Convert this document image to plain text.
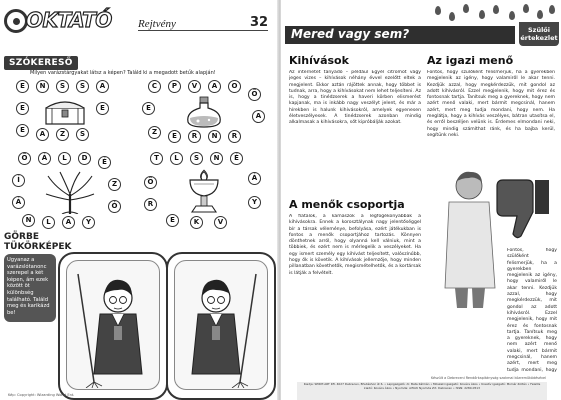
OKTATÓ Rejtvény	32
SZÓKERESŐ
Milyen varázstárgyakat látsz a képen? Találd ki a megadott betűk alapján!
E	N	S	S	A
E	E
E	A	Z	S
C	P	V	A	O
Ő
E
A
Z	E	R	N	R
Ő	Á	L	D	É
Í	Z
Á	Ó
N	L	A	Y
T	L	S	N	É
Ö	Á
R	Y
E	K	V
GÖRBE
TÜKÖRKÉPEK
Ugyanaz a varázslótanonc szerepel a két képen, ám ezek között öt különbség található. Találd meg és karikázd be!
Kép: Copyright: Wizarding World Ent.
Mered vagy sem?	Szülői
értekezlet
Kihívások
Az internetet tanyadó – például Egyél citromot vagy jeges vizes – kihívások néhány évvel ezelőtt eltek a megjelent. Ekkor aztán rájöttek annak, hogy többet is tudnak, arra, hogy a kihívásokat nem lehet teljesíteni. Az is, hogy a tinédzserek a haveri körben elismerést kapjanak, ma is inkább nagy veszélyt jelent, és már a hírekben is halunk kihívásokról, amelyek egyenesen életveszélyesek. A tinédzserek azonban mindig alkalmasak a kihívásokra, sőt kipróbálják azokat.
A menők csoportja
A fiatalok, a kamaszok a legfogékonyabbak a kihívásokra. Ennek a korosztálynak nagy jelentőséggel bír a társak véleménye, befolyása, ezért játékukban is fontos a menők csoportjához tartozás. Könnyen dönthetnek arról, hogy olyanná kell válniuk, mint a többiek, és ezért nem is mérlegelik a veszélyeket. Ha egy ismert személy egy kihívást teljesített, valószínűbb, hogy ők is követik. A kihívások jellemzője, hogy minden pillanatban követhetők, megismételhetők, és a kortársak is látják a felvételt.
Az igazi menő
Fontos, hogy szülőként felismerjük, ha a gyerekben megjelenik az igény, hogy valamiről le akar tenni. Kezdjük azzal, hogy megkérdezzük, mit gondol az adott kihívásról. Ezzel megjelenik, hogy mit érez és fontosnak tartja. Tanítsuk meg a gyereknek, hogy nem azért menő valaki, mert bármit megcsinál, hanem azért, mert meg tudja mondani, hogy nem. Ha meglátja, hogy a kihívás veszélyes, bátran utasítsa el, és erről beszéljen velünk is. Érdemes elmondani neki, hogy mindig számíthat ránk, és ha bajba kerül, segítünk neki.
Fontos, hogy szülőként felismerjük, ha a gyerekben megjelenik az igény, hogy valamiről le akar tenni. Kezdjük azzal, hogy megkérdezzük, mit gondol az adott kihívásról. Ezzel megjelenik, hogy mit érez és fontosnak tartja. Tanítsuk meg a gyereknek, hogy nem azért menő valaki, mert bármit megcsinál, hanem azért, mert meg tudja mondani, hogy
Készült a Debreceni Rendőrkapitányság szakmai közreműködésével
Kiadja: SPIRIT-ART Kft. 4027 Debrecen, Bhutáshoz út 6. • Lapigazgató: dr. Bata Kálmán • Műszaki igazgató: Kovács Ákos • Kreatív igazgató: Molnár Zoltán • Felelős kiadó: Kovács Ákos • Nyomda: Alföldi Nyomda Zrt. Debrecen • ISSN: 2280-0513
